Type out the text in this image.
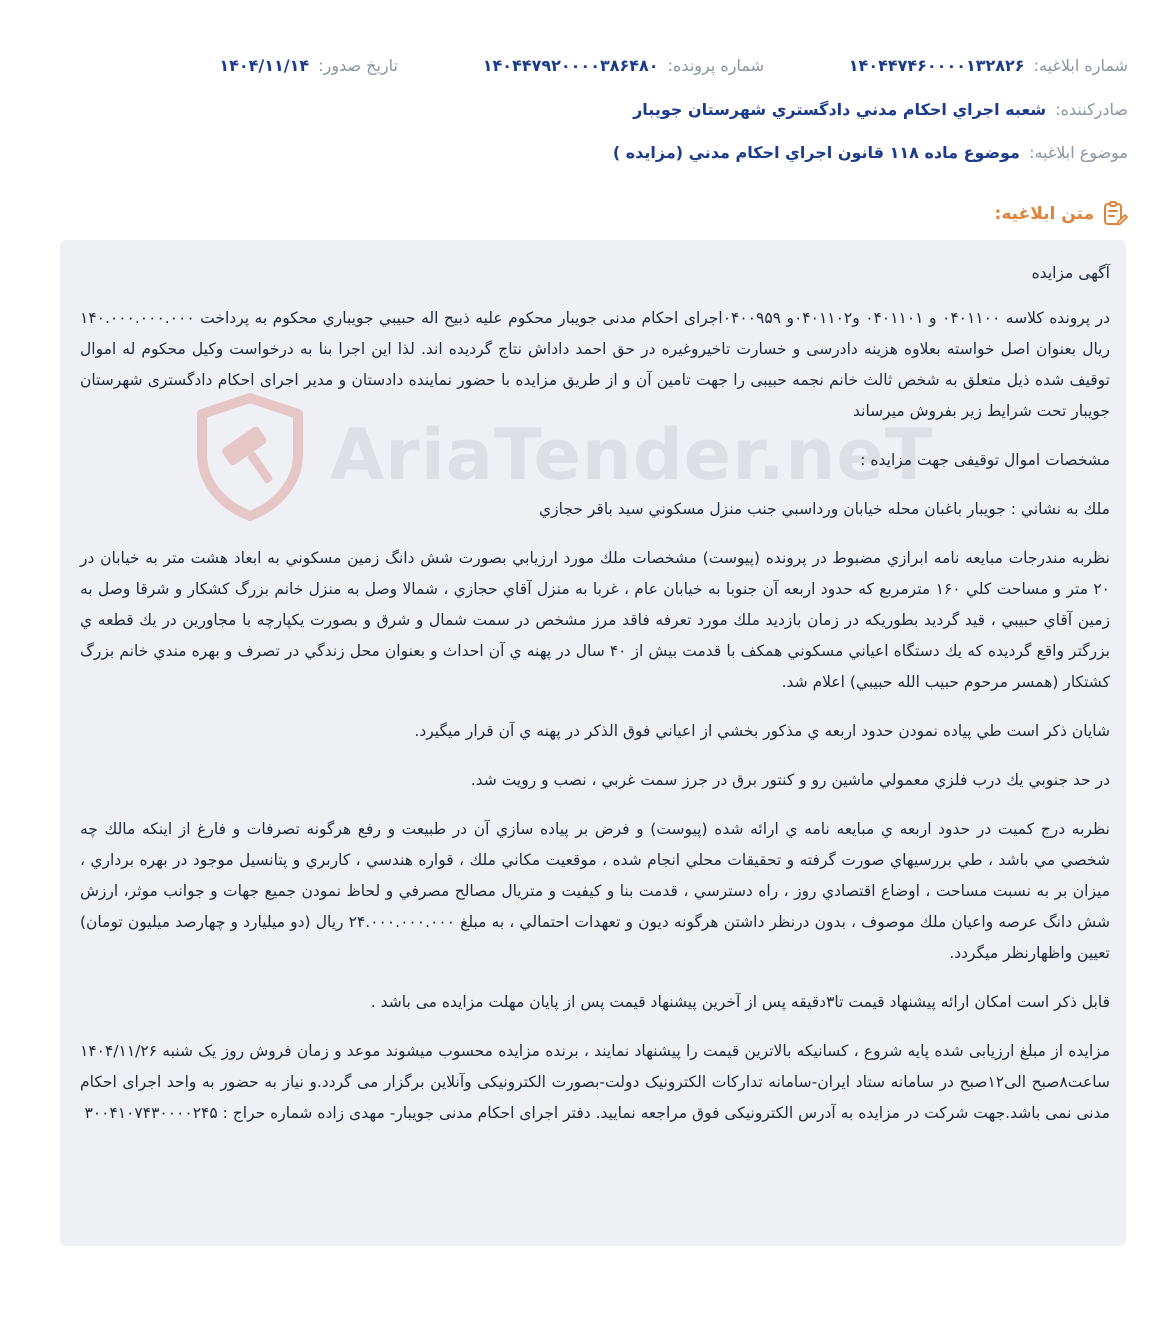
شماره ابلاغیه: ۱۴۰۴۴۷۴۶۰۰۰۰۱۳۲۸۲۶
شماره پرونده: ۱۴۰۴۴۷۹۲۰۰۰۰۳۸۶۴۸۰
تاریخ صدور: ۱۴۰۴/۱۱/۱۴
صادرکننده: شعبه اجراي احكام مدني دادگستري شهرستان جويبار
موضوع ابلاغیه: موضوع ماده ۱۱۸ قانون اجراي احكام مدني (مزايده )
متن ابلاغیه:

آگهی مزایده

در پرونده کلاسه ۰۴۰۱۱۰۰ و ۰۴۰۱۱۰۱ و۰۴۰۱۱۰۲و ۰۴۰۰۹۵۹اجرای احکام مدنی جویبار محکوم علیه ذبیح اله حبیبي جويباري محکوم به پرداخت ۱۴۰.۰۰۰.۰۰۰.۰۰۰ ریال بعنوان اصل خواسته بعلاوه هزینه دادرسی و خسارت تاخیروغیره در حق احمد داداش نتاج گردیده اند. لذا این اجرا بنا به درخواست وکیل محکوم له اموال توقیف شده ذیل متعلق به شخص ثالث خانم نجمه حبیبی را جهت تامین آن و از طریق مزایده با حضور نماینده دادستان و مدیر اجرای احکام دادگستری شهرستان جویبار تحت شرایط زیر بفروش میرساند

مشخصات اموال توقیفی جهت مزایده :

ملك به نشاني : جويبار باغبان محله خيابان ورداسبي جنب منزل مسكوني سيد باقر حجازي

نظربه مندرجات مبايعه نامه ابرازي مضبوط در پرونده (پيوست) مشخصات ملك مورد ارزيابي بصورت شش دانگ زمين مسكوني به ابعاد هشت متر به خيابان در ۲۰ متر و مساحت كلي ۱۶۰ مترمربع كه حدود اربعه آن جنوبا به خيابان عام ، غربا به منزل آقاي حجازي ، شمالا وصل به منزل خانم بزرگ كشكار و شرقا وصل به زمين آقاي حبيبي ، قيد گرديد بطوريكه در زمان بازديد ملك مورد تعرفه فاقد مرز مشخص در سمت شمال و شرق و بصورت يكپارچه با مجاورين در يك قطعه ي بزرگتر واقع گرديده كه يك دستگاه اعياني مسكوني همكف با قدمت بيش از ۴۰ سال در پهنه ي آن احداث و بعنوان محل زندگي در تصرف و بهره مندي خانم بزرگ كشتكار (همسر مرحوم حبيب الله حبيبي) اعلام شد.

شايان ذكر است طي پياده نمودن حدود اربعه ي مذكور بخشي از اعياني فوق الذكر در پهنه ي آن قرار ميگيرد.

در حد جنوبي يك درب فلزي معمولي ماشين رو و كنتور برق در جرز سمت غربي ، نصب و رويت شد.

نظربه درج كميت در حدود اربعه ي مبايعه نامه ي ارائه شده (پيوست) و فرض بر پياده سازي آن در طبيعت و رفع هرگونه تصرفات و فارغ از اينكه مالك چه شخصي مي باشد ، طي بررسيهاي صورت گرفته و تحقيقات محلي انجام شده ، موقعيت مكاني ملك ، قواره هندسي ، كاربري و پتانسيل موجود در بهره برداري ، ميزان بر به نسبت مساحت ، اوضاع اقتصادي روز ، راه دسترسي ، قدمت بنا و كيفيت و متريال مصالح مصرفي و لحاظ نمودن جميع جهات و جوانب موثر، ارزش شش دانگ عرصه واعيان ملك موصوف ، بدون درنظر داشتن هرگونه ديون و تعهدات احتمالي ، به مبلغ ۲۴.۰۰۰.۰۰۰.۰۰۰ ريال (دو ميليارد و چهارصد ميليون تومان) تعيين واظهارنظر ميگردد.

قابل ذکر است امکان ارائه پیشنهاد قیمت تا۳دقیقه پس از آخرین پیشنهاد قیمت پس از پایان مهلت مزایده می باشد .

مزایده از مبلغ ارزیابی شده پایه شروع ، کسانیکه بالاترین قیمت را پیشنهاد نمایند ، برنده مزایده محسوب میشوند موعد و زمان فروش روز یک شنبه ۱۴۰۴/۱۱/۲۶ ساعت۸صبح الی۱۲صبح در سامانه ستاد ایران-سامانه تدارکات الکترونیک دولت-بصورت الکترونیکی وآنلاین برگزار می گردد.و نیاز به حضور به واحد اجرای احکام مدنی نمی باشد.جهت شرکت در مزایده به آدرس الکترونیکی فوق مراجعه نمایید. دفتر اجرای احکام مدنی جویبار- مهدی زاده شماره حراج : ۳۰۰۴۱۰۷۴۳۰۰۰۰۲۴۵

AriaTender.neT
